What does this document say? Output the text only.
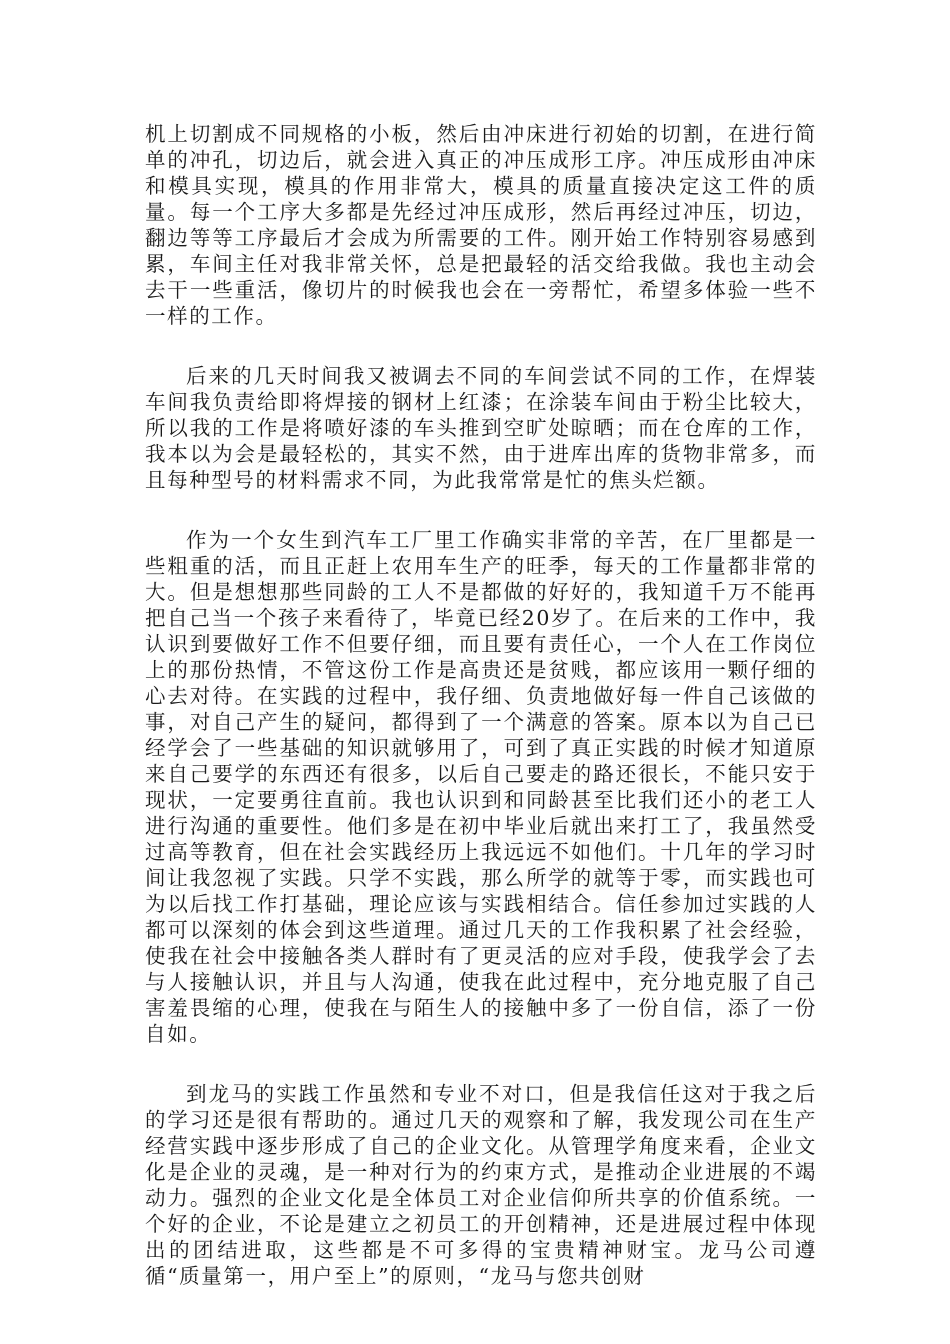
机上切割成不同规格的小板，然后由冲床进行初始的切割，在进行简单的冲孔，切边后，就会进入真正的冲压成形工序。冲压成形由冲床和模具实现，模具的作用非常大，模具的质量直接决定这工件的质量。每一个工序大多都是先经过冲压成形，然后再经过冲压，切边，翻边等等工序最后才会成为所需要的工件。刚开始工作特别容易感到累，车间主任对我非常关怀，总是把最轻的活交给我做。我也主动会去干一些重活，像切片的时候我也会在一旁帮忙，希望多体验一些不一样的工作。

后来的几天时间我又被调去不同的车间尝试不同的工作，在焊装车间我负责给即将焊接的钢材上红漆；在涂装车间由于粉尘比较大，所以我的工作是将喷好漆的车头推到空旷处晾晒；而在仓库的工作，我本以为会是最轻松的，其实不然，由于进库出库的货物非常多，而且每种型号的材料需求不同，为此我常常是忙的焦头烂额。

作为一个女生到汽车工厂里工作确实非常的辛苦，在厂里都是一些粗重的活，而且正赶上农用车生产的旺季，每天的工作量都非常的大。但是想想那些同龄的工人不是都做的好好的，我知道千万不能再把自己当一个孩子来看待了，毕竟已经20岁了。在后来的工作中，我认识到要做好工作不但要仔细，而且要有责任心，一个人在工作岗位上的那份热情，不管这份工作是高贵还是贫贱，都应该用一颗仔细的心去对待。在实践的过程中，我仔细、负责地做好每一件自己该做的事，对自己产生的疑问，都得到了一个满意的答案。原本以为自己已经学会了一些基础的知识就够用了，可到了真正实践的时候才知道原来自己要学的东西还有很多，以后自己要走的路还很长，不能只安于现状，一定要勇往直前。我也认识到和同龄甚至比我们还小的老工人进行沟通的重要性。他们多是在初中毕业后就出来打工了，我虽然受过高等教育，但在社会实践经历上我远远不如他们。十几年的学习时间让我忽视了实践。只学不实践，那么所学的就等于零，而实践也可为以后找工作打基础，理论应该与实践相结合。信任参加过实践的人都可以深刻的体会到这些道理。通过几天的工作我积累了社会经验，使我在社会中接触各类人群时有了更灵活的应对手段，使我学会了去与人接触认识，并且与人沟通，使我在此过程中，充分地克服了自己害羞畏缩的心理，使我在与陌生人的接触中多了一份自信，添了一份自如。

到龙马的实践工作虽然和专业不对口，但是我信任这对于我之后的学习还是很有帮助的。通过几天的观察和了解，我发现公司在生产经营实践中逐步形成了自己的企业文化。从管理学角度来看，企业文化是企业的灵魂，是一种对行为的约束方式，是推动企业进展的不竭动力。强烈的企业文化是全体员工对企业信仰所共享的价值系统。一个好的企业，不论是建立之初员工的开创精神，还是进展过程中体现出的团结进取，这些都是不可多得的宝贵精神财宝。龙马公司遵循“质量第一，用户至上”的原则，“龙马与您共创财
